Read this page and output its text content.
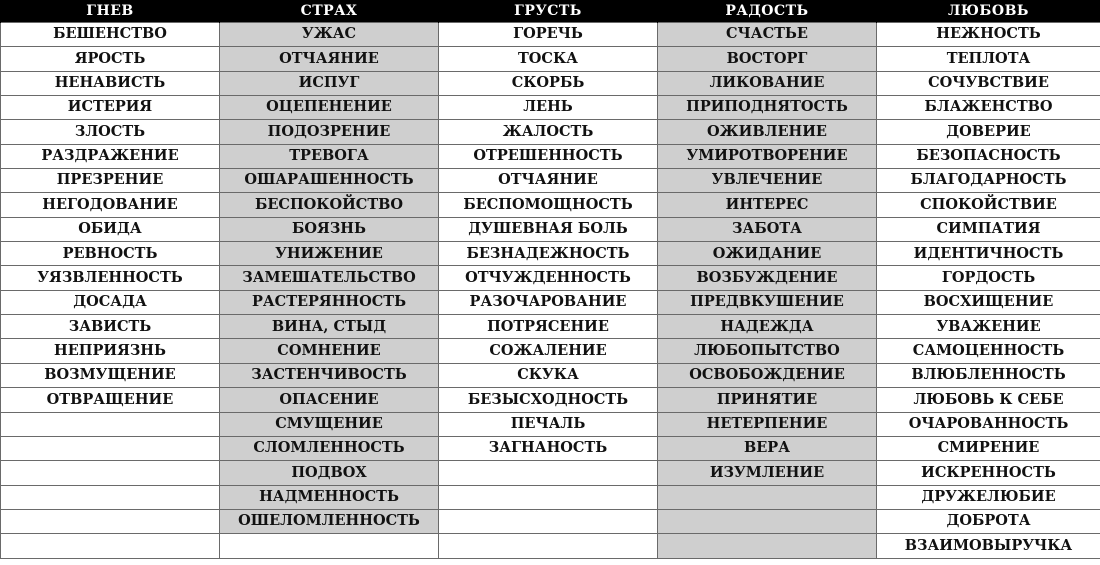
ГНЕВ	СТРАХ	ГРУСТЬ	РАДОСТЬ	ЛЮБОВЬ
БЕШЕНСТВО	УЖАС	ГОРЕЧЬ	СЧАСТЬЕ	НЕЖНОСТЬ
ЯРОСТЬ	ОТЧАЯНИЕ	ТОСКА	ВОСТОРГ	ТЕПЛОТА
НЕНАВИСТЬ	ИСПУГ	СКОРБЬ	ЛИКОВАНИЕ	СОЧУВСТВИЕ
ИСТЕРИЯ	ОЦЕПЕНЕНИЕ	ЛЕНЬ	ПРИПОДНЯТОСТЬ	БЛАЖЕНСТВО
ЗЛОСТЬ	ПОДОЗРЕНИЕ	ЖАЛОСТЬ	ОЖИВЛЕНИЕ	ДОВЕРИЕ
РАЗДРАЖЕНИЕ	ТРЕВОГА	ОТРЕШЕННОСТЬ	УМИРОТВОРЕНИЕ	БЕЗОПАСНОСТЬ
ПРЕЗРЕНИЕ	ОШАРАШЕННОСТЬ	ОТЧАЯНИЕ	УВЛЕЧЕНИЕ	БЛАГОДАРНОСТЬ
НЕГОДОВАНИЕ	БЕСПОКОЙСТВО	БЕСПОМОЩНОСТЬ	ИНТЕРЕС	СПОКОЙСТВИЕ
ОБИДА	БОЯЗНЬ	ДУШЕВНАЯ БОЛЬ	ЗАБОТА	СИМПАТИЯ
РЕВНОСТЬ	УНИЖЕНИЕ	БЕЗНАДЕЖНОСТЬ	ОЖИДАНИЕ	ИДЕНТИЧНОСТЬ
УЯЗВЛЕННОСТЬ	ЗАМЕШАТЕЛЬСТВО	ОТЧУЖДЕННОСТЬ	ВОЗБУЖДЕНИЕ	ГОРДОСТЬ
ДОСАДА	РАСТЕРЯННОСТЬ	РАЗОЧАРОВАНИЕ	ПРЕДВКУШЕНИЕ	ВОСХИЩЕНИЕ
ЗАВИСТЬ	ВИНА, СТЫД	ПОТРЯСЕНИЕ	НАДЕЖДА	УВАЖЕНИЕ
НЕПРИЯЗНЬ	СОМНЕНИЕ	СОЖАЛЕНИЕ	ЛЮБОПЫТСТВО	САМОЦЕННОСТЬ
ВОЗМУЩЕНИЕ	ЗАСТЕНЧИВОСТЬ	СКУКА	ОСВОБОЖДЕНИЕ	ВЛЮБЛЕННОСТЬ
ОТВРАЩЕНИЕ	ОПАСЕНИЕ	БЕЗЫСХОДНОСТЬ	ПРИНЯТИЕ	ЛЮБОВЬ К СЕБЕ
	СМУЩЕНИЕ	ПЕЧАЛЬ	НЕТЕРПЕНИЕ	ОЧАРОВАННОСТЬ
	СЛОМЛЕННОСТЬ	ЗАГНАНОСТЬ	ВЕРА	СМИРЕНИЕ
	ПОДВОХ		ИЗУМЛЕНИЕ	ИСКРЕННОСТЬ
	НАДМЕННОСТЬ			ДРУЖЕЛЮБИЕ
	ОШЕЛОМЛЕННОСТЬ			ДОБРОТА
				ВЗАИМОВЫРУЧКА
